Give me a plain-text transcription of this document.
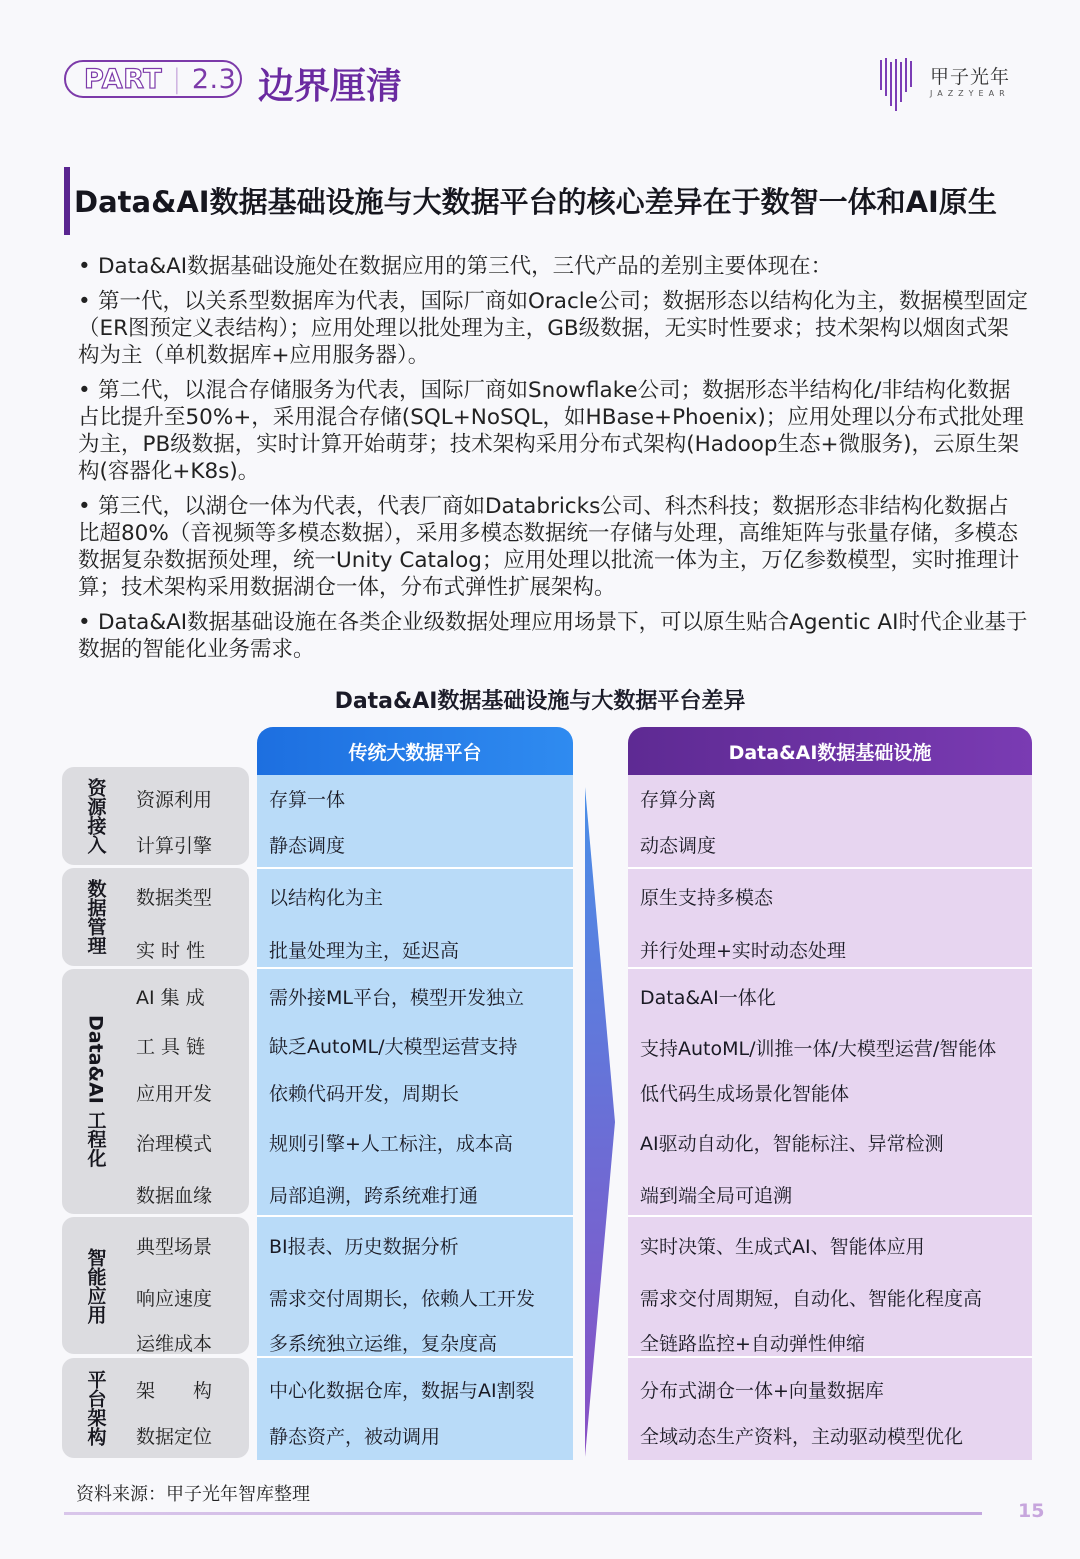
PART | 2.3 边界厘清	甲子光年
JAZZYEAR
Data&AI数据基础设施与大数据平台的核心差异在于数智一体和AI原生
• Data&AI数据基础设施处在数据应用的第三代，三代产品的差别主要体现在：
• 第一代，以关系型数据库为代表，国际厂商如Oracle公司；数据形态以结构化为主，数据模型固定（ER图预定义表结构）；应用处理以批处理为主，GB级数据，无实时性要求；技术架构以烟囱式架构为主（单机数据库+应用服务器）。
• 第二代，以混合存储服务为代表，国际厂商如Snowflake公司；数据形态半结构化/非结构化数据占比提升至50%+，采用混合存储(SQL+NoSQL，如HBase+Phoenix)；应用处理以分布式批处理为主，PB级数据，实时计算开始萌芽；技术架构采用分布式架构(Hadoop生态+微服务)，云原生架构(容器化+K8s)。
• 第三代，以湖仓一体为代表，代表厂商如Databricks公司、科杰科技；数据形态非结构化数据占比超80%（音视频等多模态数据），采用多模态数据统一存储与处理，高维矩阵与张量存储，多模态数据复杂数据预处理，统一Unity Catalog；应用处理以批流一体为主，万亿参数模型，实时推理计算；技术架构采用数据湖仓一体，分布式弹性扩展架构。
• Data&AI数据基础设施在各类企业级数据处理应用场景下，可以原生贴合Agentic AI时代企业基于数据的智能化业务需求。
Data&AI数据基础设施与大数据平台差异
传统大数据平台	Data&AI数据基础设施
资源接入 资源利用
计算引擎
存算一体
静态调度
存算分离
动态调度
数据管理 数据类型
实 时 性
以结构化为主
批量处理为主，延迟高
原生支持多模态
并行处理+实时动态处理
Data&AI 工程化
AI 集 成
工 具 链
应用开发
治理模式
数据血缘
需外接ML平台，模型开发独立
缺乏AutoML/大模型运营支持
依赖代码开发，周期长
规则引擎+人工标注，成本高
局部追溯，跨系统难打通
Data&AI一体化
支持AutoML/训推一体/大模型运营/智能体
低代码生成场景化智能体
AI驱动自动化，智能标注、异常检测
端到端全局可追溯
智能应用
典型场景
响应速度
运维成本
BI报表、历史数据分析
需求交付周期长，依赖人工开发
多系统独立运维，复杂度高
实时决策、生成式AI、智能体应用
需求交付周期短，自动化、智能化程度高
全链路监控+自动弹性伸缩
平台架构 架　　构
数据定位
中心化数据仓库，数据与AI割裂
静态资产，被动调用
分布式湖仓一体+向量数据库
全域动态生产资料，主动驱动模型优化
资料来源：甲子光年智库整理
15
